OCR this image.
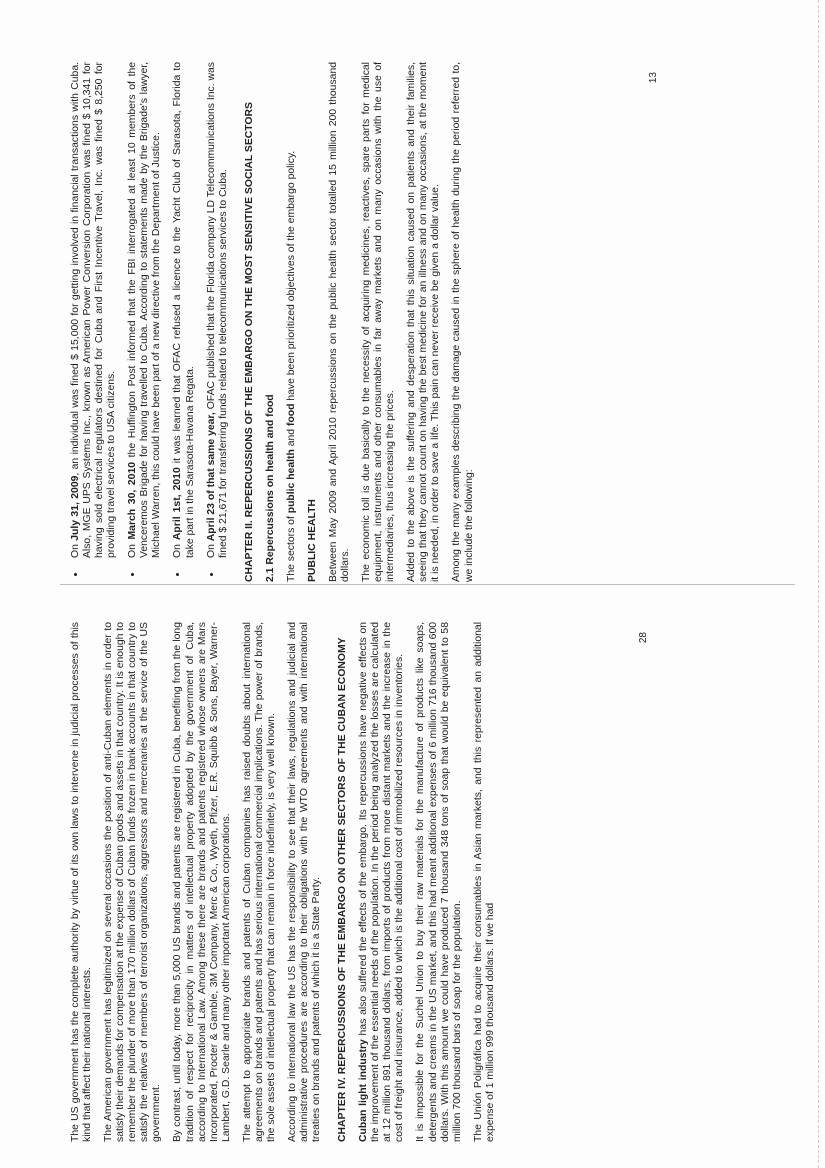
• On July 31, 2009, an individual was fined $ 15,000 for getting involved in financial transactions with Cuba. Also, MGE UPS Systems Inc., known as American Power Conversion Corporation was fined $ 10,341 for having sold electrical regulators destined for Cuba and First Incentive Travel, Inc. was fined $ 8,250 for providing travel services to USA citizens. • On March 30, 2010 the Huffington Post informed that the FBI interrogated at least 10 members of the Venceremos Brigade for having travelled to Cuba. According to statements made by the Brigade's lawyer, Michael Warren, this could have been part of a new directive from the Department of Justice. • On April 1st, 2010 it was learned that OFAC refused a licence to the Yacht Club of Sarasota, Florida to take part in the Sarasota-Havana Regata. • On April 23 of that same year, OFAC published that the Florida company LD Telecommunications Inc. was fined $ 21,671 for transferring funds related to telecommunications services to Cuba. CHAPTER II. REPERCUSSIONS OF THE EMBARGO ON THE MOST SENSITIVE SOCIAL SECTORS 2.1 Repercussions on health and food The sectors of public health and food have been prioritized objectives of the embargo policy.

PUBLIC HEALTH Between May 2009 and April 2010 repercussions on the public health sector totalled 15 million 200 thousand dollars. The economic toll is due basically to the necessity of acquiring medicines, reactives, spare parts for medical equipment, instruments and other consumables in far away markets and on many occasions with the use of intermediaries, thus increasing the prices. Added to the above is the suffering and desperation that this situation caused on patients and their families, seeing that they cannot count on having the best medicine for an illness and on many occasions, at the moment it is needed, in order to save a life. This pain can never receive be given a dollar value. Among the many examples describing the damage caused in the sphere of health during the period referred to, we include the following:

13

The US government has the complete authority by virtue of its own laws to intervene in judicial processes of this kind that affect their national interests. The American government has legitimized on several occasions the position of anti-Cuban elements in order to satisfy their demands for compensation at the expense of Cuban goods and assets in that country. It is enough to remember the plunder of more than 170 million dollars of Cuban funds frozen in bank accounts in that country to satisfy the relatives of members of terrorist organizations, aggressors and mercenaries at the service of the US government. By contrast, until today, more than 5,000 US brands and patents are registered in Cuba, benefiting from the long tradition of respect for reciprocity in matters of intellectual property adopted by the government of Cuba, according to International Law. Among these there are brands and patents registered whose owners are Mars Incorporated, Procter & Gamble, 3M Company, Merc & Co., Wyeth, Pfizer, E.R. Squibb & Sons, Bayer, Warner-Lambert, G.D. Searle and many other important American corporations. The attempt to appropriate brands and patents of Cuban companies has raised doubts about international agreements on brands and patents and has serious international commercial implications. The power of brands, the sole assets of intellectual property that can remain in force indefinitely, is very well known. According to international law the US has the responsibility to see that their laws, regulations and judicial and administrative procedures are according to their obligations with the WTO agreements and with international treaties on brands and patents of which it is a State Party. CHAPTER IV. REPERCUSSIONS OF THE EMBARGO ON OTHER SECTORS OF THE CUBAN ECONOMY Cuban light industry has also suffered the effects of the embargo. Its repercussions have negative effects on the improvement of the essential needs of the population. In the period being analyzed the losses are calculated at 12 million 891 thousand dollars, from imports of products from more distant markets and the increase in the cost of freight and insurance, added to which is the additional cost of immobilized resources in inventories. It is impossible for the Suchel Union to buy their raw materials for the manufacture of products like soaps, detergents and creams in the US market, and this had meant additional expenses of 6 million 716 thousand 600 dollars. With this amount we could have produced 7 thousand 348 tons of soap that would be equivalent to 58 million 700 thousand bars of soap for the population. The Unión Poligráfica had to acquire their consumables in Asian markets, and this represented an additional expense of 1 million 999 thousand dollars. If we had

28
